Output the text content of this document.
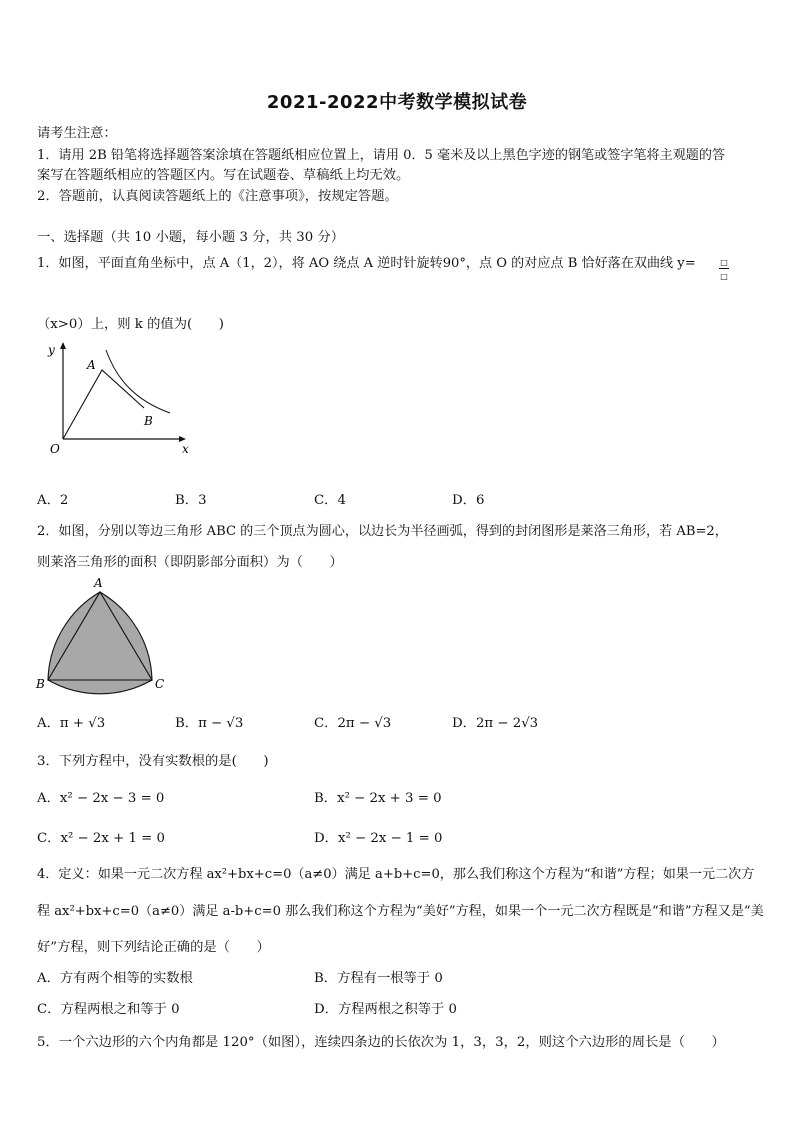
2021-2022中考数学模拟试卷
请考生注意：
1．请用 2B 铅笔将选择题答案涂填在答题纸相应位置上，请用 0．5 毫米及以上黑色字迹的钢笔或签字笔将主观题的答
案写在答题纸相应的答题区内。写在试题卷、草稿纸上均无效。
2．答题前，认真阅读答题纸上的《注意事项》，按规定答题。
一、选择题（共 10 小题，每小题 3 分，共 30 分）
1．如图，平面直角坐标中，点 A（1，2），将 AO 绕点 A 逆时针旋转90°，点 O 的对应点 B 恰好落在双曲线 y=	□
□
（x>0）上，则 k 的值为(　　)
y
x
O
A
B
A．2	B．3	C．4	D．6
2．如图，分别以等边三角形 ABC 的三个顶点为圆心，以边长为半径画弧，得到的封闭图形是莱洛三角形，若 AB=2，
则莱洛三角形的面积（即阴影部分面积）为（　　）
A
B	C
A．π + √3	B．π − √3	C．2π − √3	D．2π − 2√3
3．下列方程中，没有实数根的是(　　)
A．x² − 2x − 3 = 0	B．x² − 2x + 3 = 0
C．x² − 2x + 1 = 0	D．x² − 2x − 1 = 0
4．定义：如果一元二次方程 ax²+bx+c=0（a≠0）满足 a+b+c=0，那么我们称这个方程为“和谐”方程；如果一元二次方
程 ax²+bx+c=0（a≠0）满足 a-b+c=0 那么我们称这个方程为“美好”方程，如果一个一元二次方程既是“和谐”方程又是“美
好”方程，则下列结论正确的是（　　）
A．方有两个相等的实数根	B．方程有一根等于 0
C．方程两根之和等于 0	D．方程两根之积等于 0
5．一个六边形的六个内角都是 120°（如图），连续四条边的长依次为 1，3，3，2，则这个六边形的周长是（　　）
